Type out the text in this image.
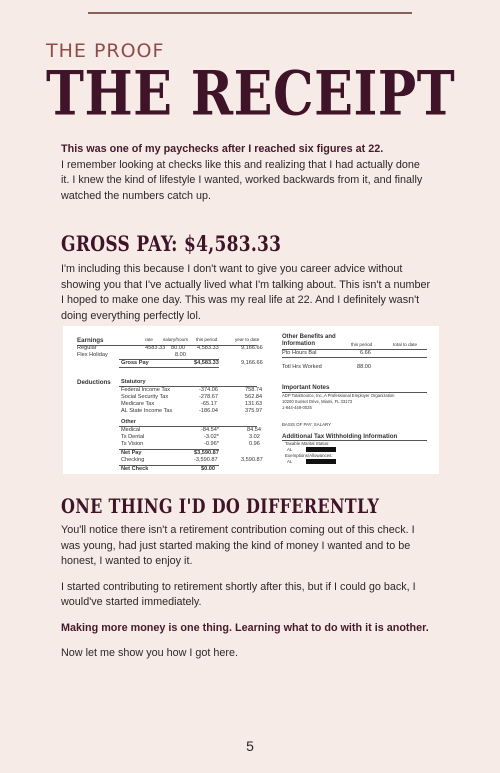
THE PROOF
THE RECEIPT

This was one of my paychecks after I reached six figures at 22.

I remember looking at checks like this and realizing that I had actually done it. I knew the kind of lifestyle I wanted, worked backwards from it, and finally watched the numbers catch up.

GROSS PAY: $4,583.33

I'm including this because I don't want to give you career advice without showing you that I've actually lived what I'm talking about. This isn't a number I hoped to make one day. This was my real life at 22. And I definitely wasn't doing everything perfectly lol.

Earnings	rate salary/hours this period	year to date
Regular	4583.33 80.00 4,583.33	9,166.66
Flex Holiday	8.00
Gross Pay	$4,583.33	9,166.66
Deductions Statutory
Federal Income Tax	-374.06	758.74
Social Security Tax	-278.67	562.84
Medicare Tax	-65.17	131.63
AL State Income Tax	-186.04	375.97
Other
Medical	-84.54*	84.54
Ts Dental	-3.02*	3.02
Ts Vision	-0.96*	0.96
Net Pay	$3,590.87
Checking	-3,590.87	3,590.87
Net Check	$0.00
Other Benefits and
Information	this period	total to date
Pto Hours Bal	6.66
Totl Hrs Worked	88.00
Important Notes
ADP TotalSource, Inc.,A Professional Employer Organization
10200 Sunset Drive, Miami, FL 33173
1-844-448-0025
BASIS OF PAY: SALARY
Additional Tax Withholding Information
Taxable Marital Status:
AL
Exemptions/Allowances:
AL
ONE THING I'D DO DIFFERENTLY

You'll notice there isn't a retirement contribution coming out of this check. I was young, had just started making the kind of money I wanted and to be honest, I wanted to enjoy it.

I started contributing to retirement shortly after this, but if I could go back, I would've started immediately.

Making more money is one thing. Learning what to do with it is another.

Now let me show you how I got here.

5
